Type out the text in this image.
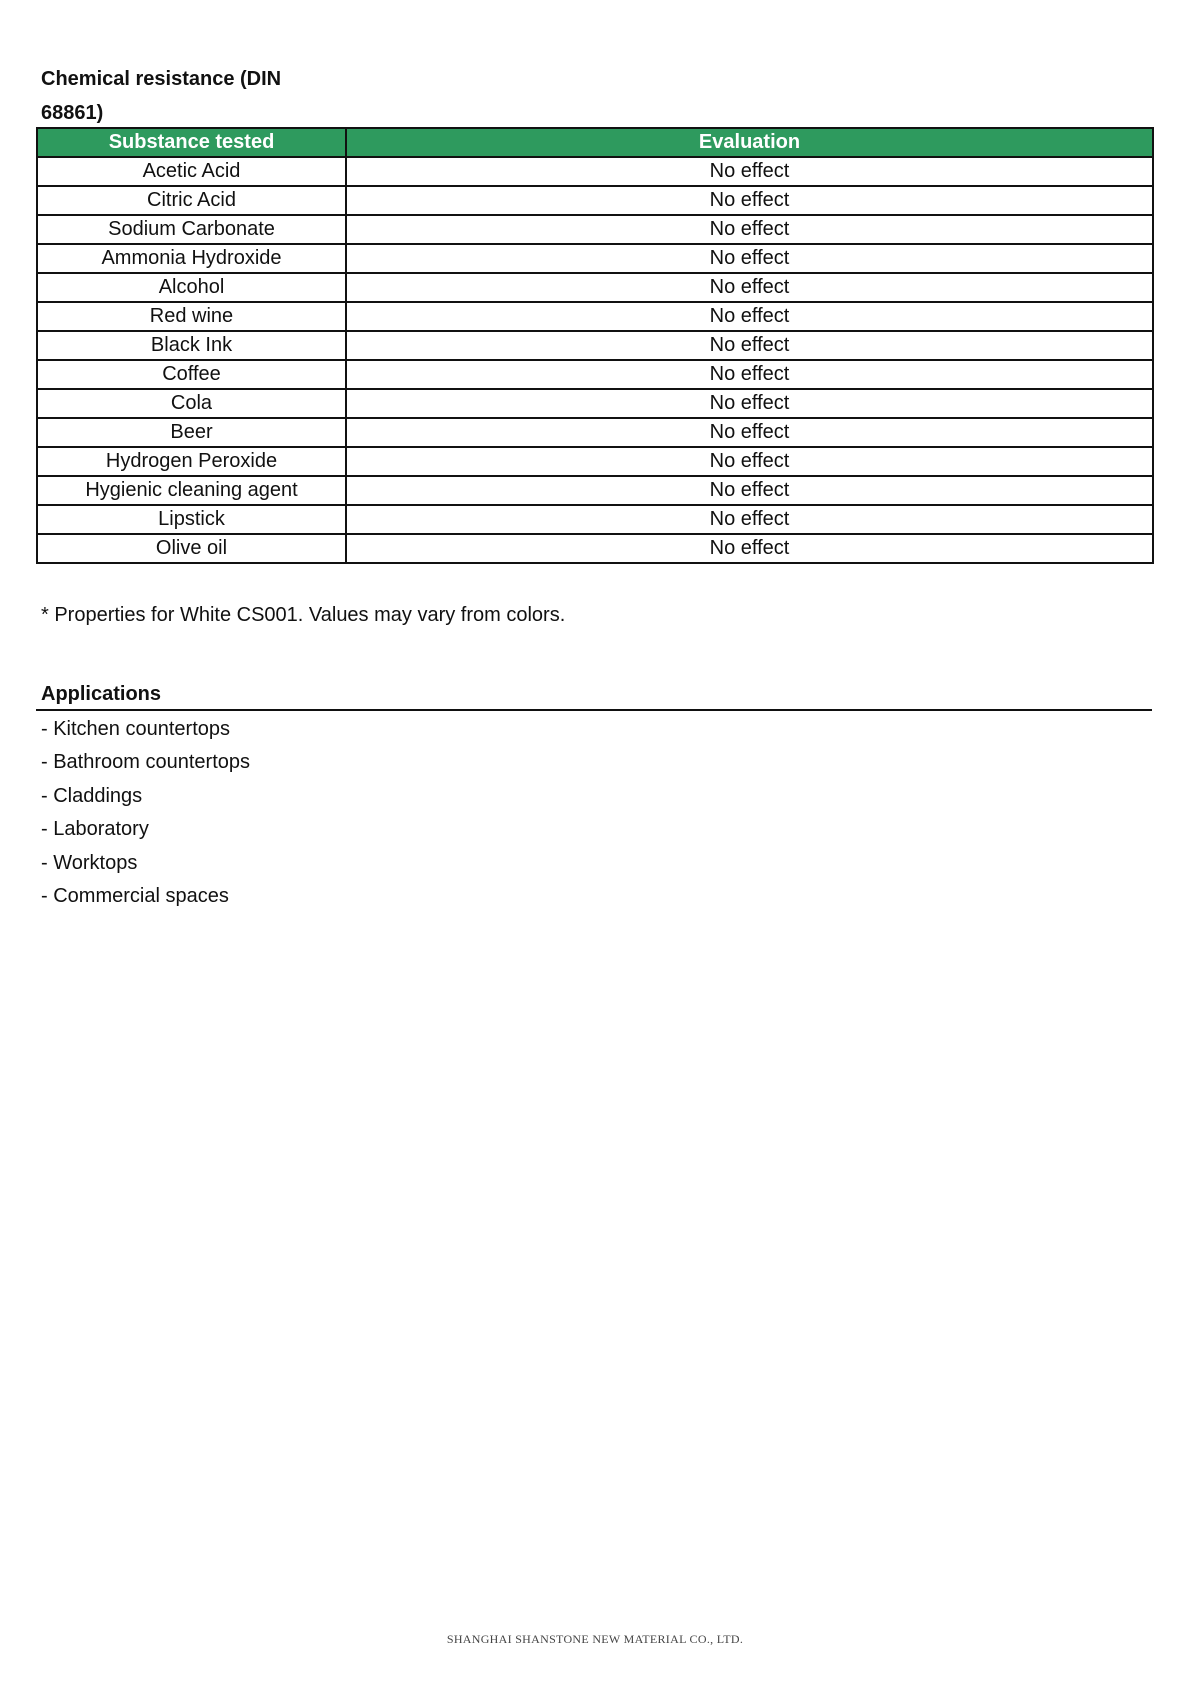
Chemical resistance (DIN 68861)
Substance tested	Evaluation
Acetic Acid	No effect
Citric Acid	No effect
Sodium Carbonate	No effect
Ammonia Hydroxide	No effect
Alcohol	No effect
Red wine	No effect
Black Ink	No effect
Coffee	No effect
Cola	No effect
Beer	No effect
Hydrogen Peroxide	No effect
Hygienic cleaning agent	No effect
Lipstick	No effect
Olive oil	No effect
* Properties for White CS001. Values may vary from colors.
Applications
- Kitchen countertops
- Bathroom countertops
- Claddings
- Laboratory
- Worktops
- Commercial spaces
SHANGHAI SHANSTONE NEW MATERIAL CO., LTD.
